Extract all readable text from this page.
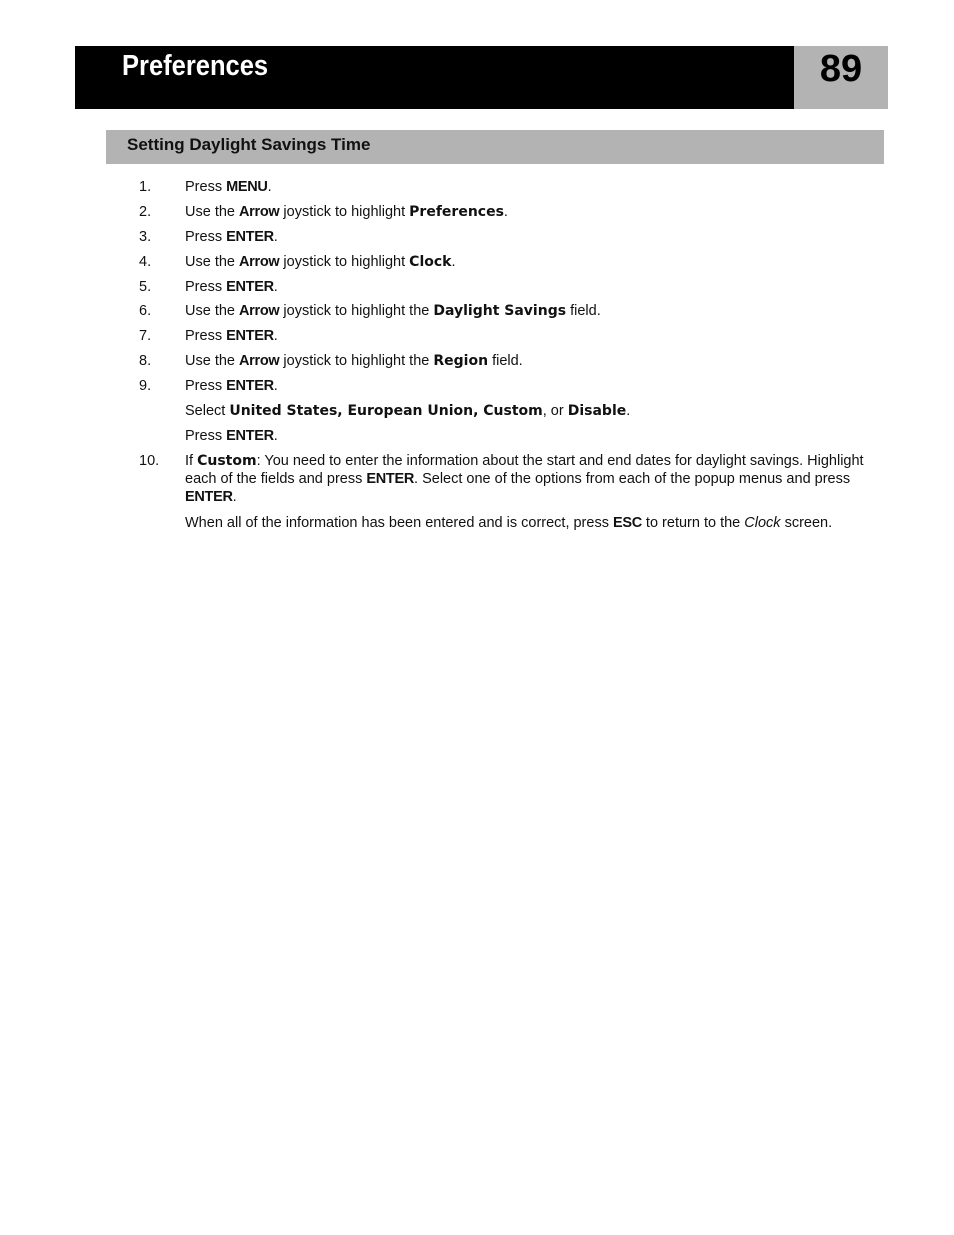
Preferences	89
Setting Daylight Savings Time
1.	Press MENU.
2.	Use the Arrow joystick to highlight Preferences.
3.	Press ENTER.
4.	Use the Arrow joystick to highlight Clock.
5.	Press ENTER.
6.	Use the Arrow joystick to highlight the Daylight Savings field.
7.	Press ENTER.
8.	Use the Arrow joystick to highlight the Region field.
9.	Press ENTER.
Select United States, European Union, Custom, or Disable.
Press ENTER.
10.	If Custom: You need to enter the information about the start and end dates for daylight savings. Highlight each of the fields and press ENTER. Select one of the options from each of the popup menus and press ENTER.
When all of the information has been entered and is correct, press ESC to return to the Clock screen.
